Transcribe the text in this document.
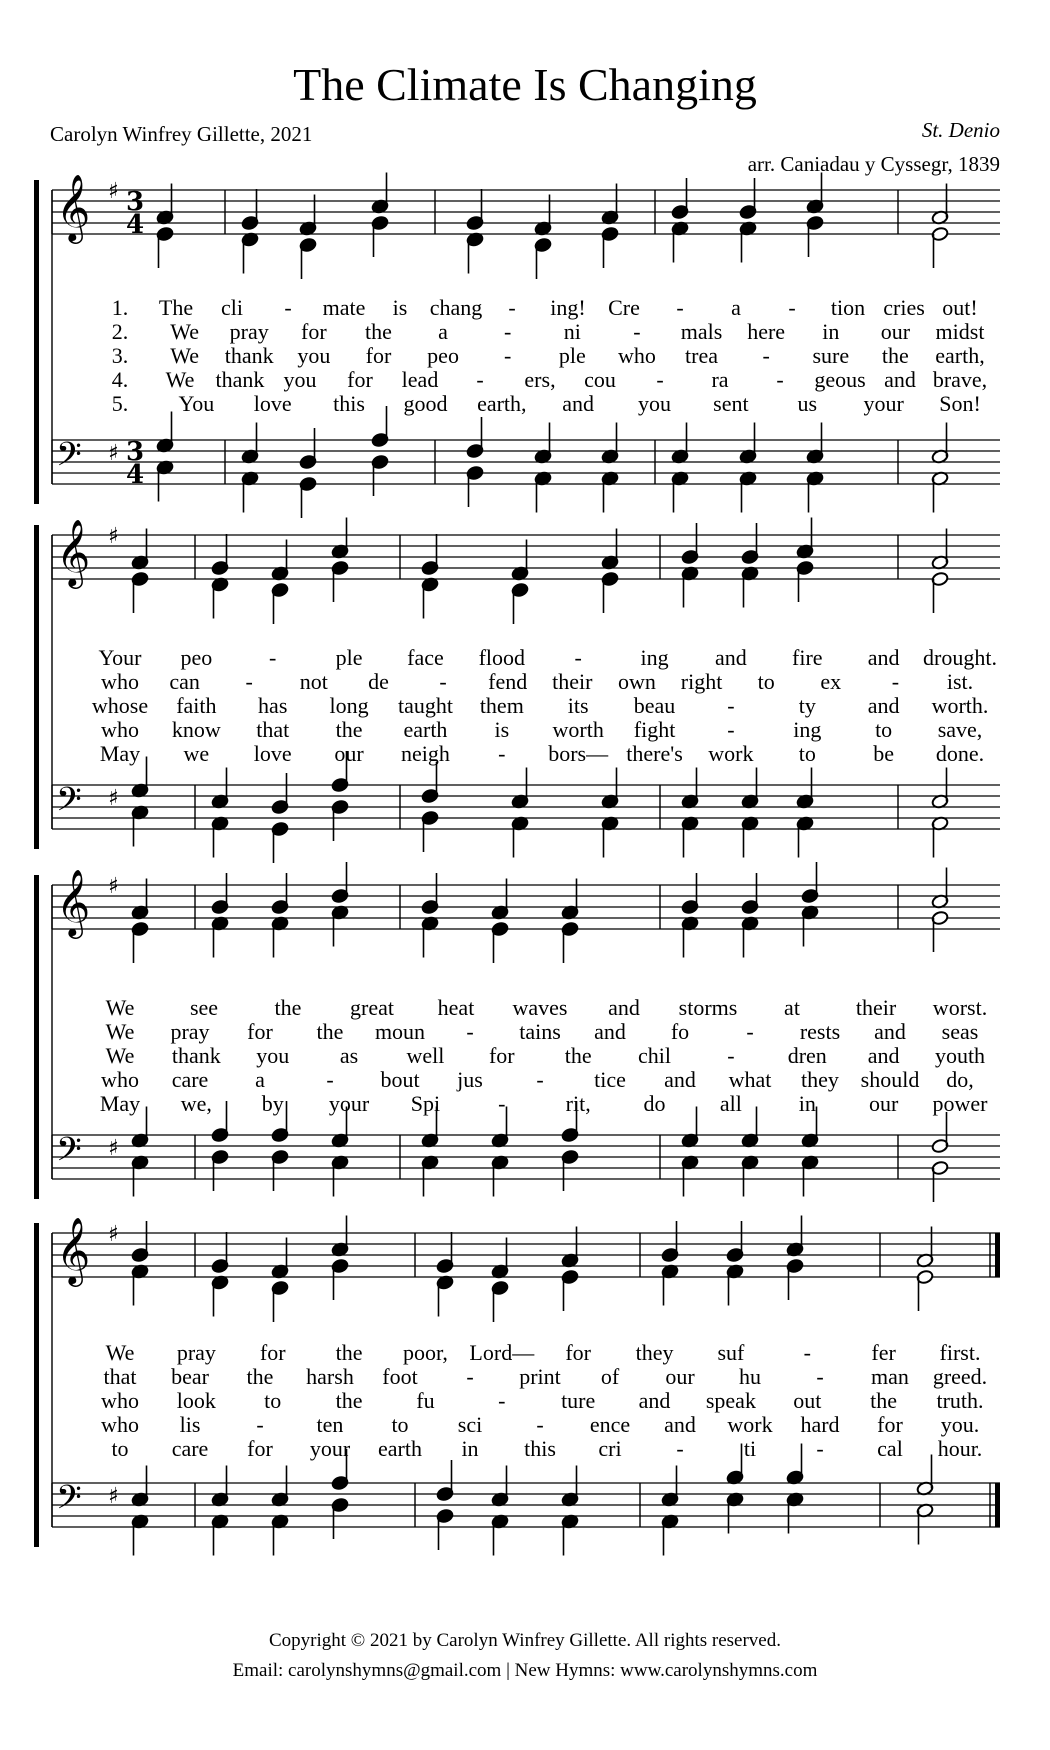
The Climate Is Changing
Carolyn Winfrey Gillette, 2021	St. Denio
arr. Caniadau y Cyssegr, 1839
𝄞 ♯ 3
4
𝄢 ♯ 3
4
𝄞 ♯
𝄢 ♯
𝄞 ♯
𝄢 ♯
𝄞 ♯
𝄢 ♯
1. The cli - mate is chang - ing! Cre - a - tion cries out!
2. We pray for the a	- ni - mals here in our midst
3. We thank you for peo - ple who trea - sure the earth,
4. We thank you for lead - ers, cou - ra - geous and brave,
5. You love this good earth, and you sent us your Son!
Your peo	-	ple face flood -	ing and fire and drought.
who can - not de - fend their own right to ex - ist.
whose faith has long taught them its beau -	ty and worth.
who know that the earth is worth fight -	ing to save,
May we love our neigh - bors— there's work to	be done.
We	see	the great heat waves and storms at	their worst.
We pray for the moun - tains and fo	- rests and seas
We thank you as well for the chil	- dren and youth
who care a	- bout jus - tice and what they should do,
May we, by your Spi	-	rit, do all	in our power
We pray for the poor, Lord— for they suf	-	fer first.
that bear the harsh foot - print of our hu	- man greed.
who look to the fu	-	ture and speak out the truth.
who lis	- ten to sci - ence and work hard for you.
to care for your earth in this cri -	ti	- cal hour.
Copyright © 2021 by Carolyn Winfrey Gillette. All rights reserved.
Email: carolynshymns@gmail.com | New Hymns: www.carolynshymns.com
